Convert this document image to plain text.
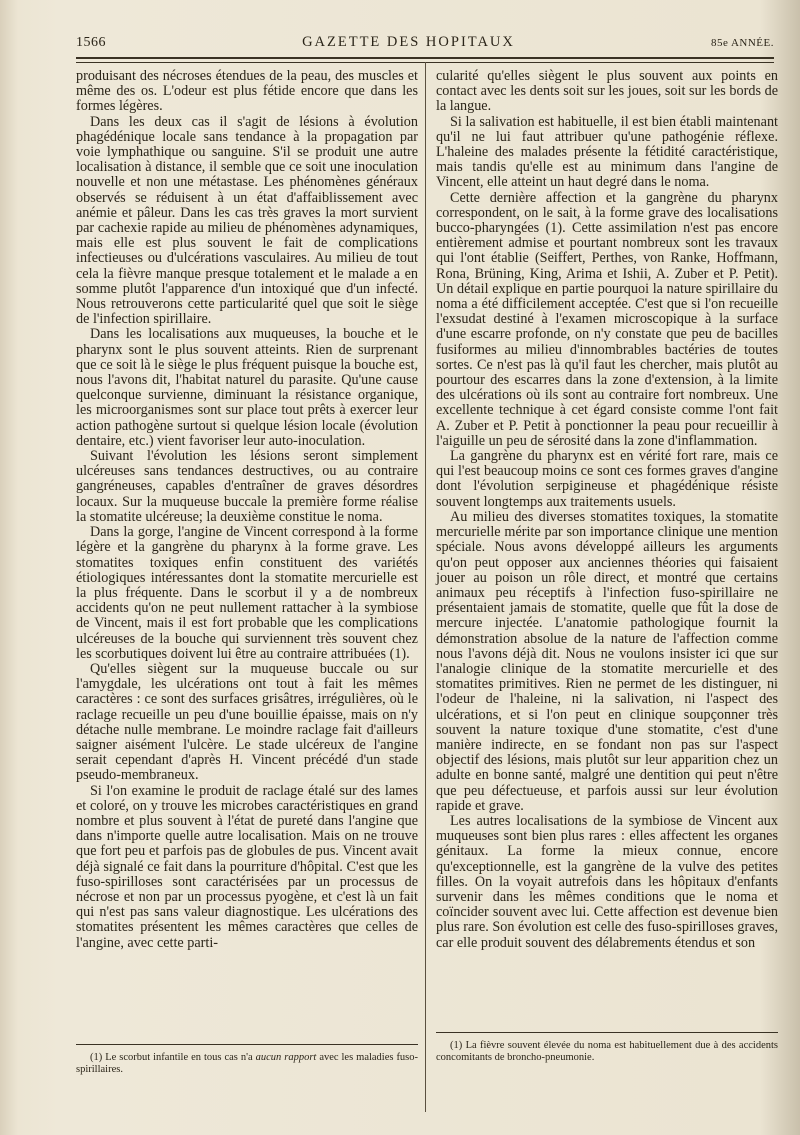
1566	GAZETTE DES HOPITAUX	85e ANNÉE.

produisant des nécroses étendues de la peau, des muscles et même des os. L'odeur est plus fétide encore que dans les formes légères.

Dans les deux cas il s'agit de lésions à évolution phagédénique locale sans tendance à la propagation par voie lymphathique ou sanguine. S'il se produit une autre localisation à distance, il semble que ce soit une inoculation nouvelle et non une métastase. Les phénomènes généraux observés se réduisent à un état d'affaiblissement avec anémie et pâleur. Dans les cas très graves la mort survient par cachexie rapide au milieu de phénomènes adynamiques, mais elle est plus souvent le fait de complications infectieuses ou d'ulcérations vasculaires. Au milieu de tout cela la fièvre manque presque totalement et le malade a en somme plutôt l'apparence d'un intoxiqué que d'un infecté. Nous retrouverons cette particularité quel que soit le siège de l'infection spirillaire.

Dans les localisations aux muqueuses, la bouche et le pharynx sont le plus souvent atteints. Rien de surprenant que ce soit là le siège le plus fréquent puisque la bouche est, nous l'avons dit, l'habitat naturel du parasite. Qu'une cause quelconque survienne, diminuant la résistance organique, les microorganismes sont sur place tout prêts à exercer leur action pathogène surtout si quelque lésion locale (évolution dentaire, etc.) vient favoriser leur auto-inoculation.

Suivant l'évolution les lésions seront simplement ulcéreuses sans tendances destructives, ou au contraire gangréneuses, capables d'entraîner de graves désordres locaux. Sur la muqueuse buccale la première forme réalise la stomatite ulcéreuse; la deuxième constitue le noma.

Dans la gorge, l'angine de Vincent correspond à la forme légère et la gangrène du pharynx à la forme grave. Les stomatites toxiques enfin constituent des variétés étiologiques intéressantes dont la stomatite mercurielle est la plus fréquente. Dans le scorbut il y a de nombreux accidents qu'on ne peut nullement rattacher à la symbiose de Vincent, mais il est fort probable que les complications ulcéreuses de la bouche qui surviennent très souvent chez les scorbutiques doivent lui être au contraire attribuées (1).

Qu'elles siègent sur la muqueuse buccale ou sur l'amygdale, les ulcérations ont tout à fait les mêmes caractères : ce sont des surfaces grisâtres, irrégulières, où le raclage recueille un peu d'une bouillie épaisse, mais on n'y détache nulle membrane. Le moindre raclage fait d'ailleurs saigner aisément l'ulcère. Le stade ulcéreux de l'angine serait cependant d'après H. Vincent précédé d'un stade pseudo-membraneux.

Si l'on examine le produit de raclage étalé sur des lames et coloré, on y trouve les microbes caractéristiques en grand nombre et plus souvent à l'état de pureté dans l'angine que dans n'importe quelle autre localisation. Mais on ne trouve que fort peu et parfois pas de globules de pus. Vincent avait déjà signalé ce fait dans la pourriture d'hôpital. C'est que les fuso-spirilloses sont caractérisées par un processus de nécrose et non par un processus pyogène, et c'est là un fait qui n'est pas sans valeur diagnostique. Les ulcérations des stomatites présentent les mêmes caractères que celles de l'angine, avec cette parti-

cularité qu'elles siègent le plus souvent aux points en contact avec les dents soit sur les joues, soit sur les bords de la langue.

Si la salivation est habituelle, il est bien établi maintenant qu'il ne lui faut attribuer qu'une pathogénie réflexe. L'haleine des malades présente la fétidité caractéristique, mais tandis qu'elle est au minimum dans l'angine de Vincent, elle atteint un haut degré dans le noma.

Cette dernière affection et la gangrène du pharynx correspondent, on le sait, à la forme grave des localisations bucco-pharyngées (1). Cette assimilation n'est pas encore entièrement admise et pourtant nombreux sont les travaux qui l'ont établie (Seiffert, Perthes, von Ranke, Hoffmann, Rona, Brüning, King, Arima et Ishii, A. Zuber et P. Petit). Un détail explique en partie pourquoi la nature spirillaire du noma a été difficilement acceptée. C'est que si l'on recueille l'exsudat destiné à l'examen microscopique à la surface d'une escarre profonde, on n'y constate que peu de bacilles fusiformes au milieu d'innombrables bactéries de toutes sortes. Ce n'est pas là qu'il faut les chercher, mais plutôt au pourtour des escarres dans la zone d'extension, à la limite des ulcérations où ils sont au contraire fort nombreux. Une excellente technique à cet égard consiste comme l'ont fait A. Zuber et P. Petit à ponctionner la peau pour recueillir à l'aiguille un peu de sérosité dans la zone d'inflammation.

La gangrène du pharynx est en vérité fort rare, mais ce qui l'est beaucoup moins ce sont ces formes graves d'angine dont l'évolution serpigineuse et phagédénique résiste souvent longtemps aux traitements usuels.

Au milieu des diverses stomatites toxiques, la stomatite mercurielle mérite par son importance clinique une mention spéciale. Nous avons développé ailleurs les arguments qu'on peut opposer aux anciennes théories qui faisaient jouer au poison un rôle direct, et montré que certains animaux peu réceptifs à l'infection fuso-spirillaire ne présentaient jamais de stomatite, quelle que fût la dose de mercure injectée. L'anatomie pathologique fournit la démonstration absolue de la nature de l'affection comme nous l'avons déjà dit. Nous ne voulons insister ici que sur l'analogie clinique de la stomatite mercurielle et des stomatites primitives. Rien ne permet de les distinguer, ni l'odeur de l'haleine, ni la salivation, ni l'aspect des ulcérations, et si l'on peut en clinique soupçonner très souvent la nature toxique d'une stomatite, c'est d'une manière indirecte, en se fondant non pas sur l'aspect objectif des lésions, mais plutôt sur leur apparition chez un adulte en bonne santé, malgré une dentition qui peut n'être que peu défectueuse, et parfois aussi sur leur évolution rapide et grave.

Les autres localisations de la symbiose de Vincent aux muqueuses sont bien plus rares : elles affectent les organes génitaux. La forme la mieux connue, encore qu'exceptionnelle, est la gangrène de la vulve des petites filles. On la voyait autrefois dans les hôpitaux d'enfants survenir dans les mêmes conditions que le noma et coïncider souvent avec lui. Cette affection est devenue bien plus rare. Son évolution est celle des fuso-spirilloses graves, car elle produit souvent des délabrements étendus et son

(1) Le scorbut infantile en tous cas n'a aucun rapport avec les maladies fuso-spirillaires.

(1) La fièvre souvent élevée du noma est habituellement due à des accidents concomitants de broncho-pneumonie.
